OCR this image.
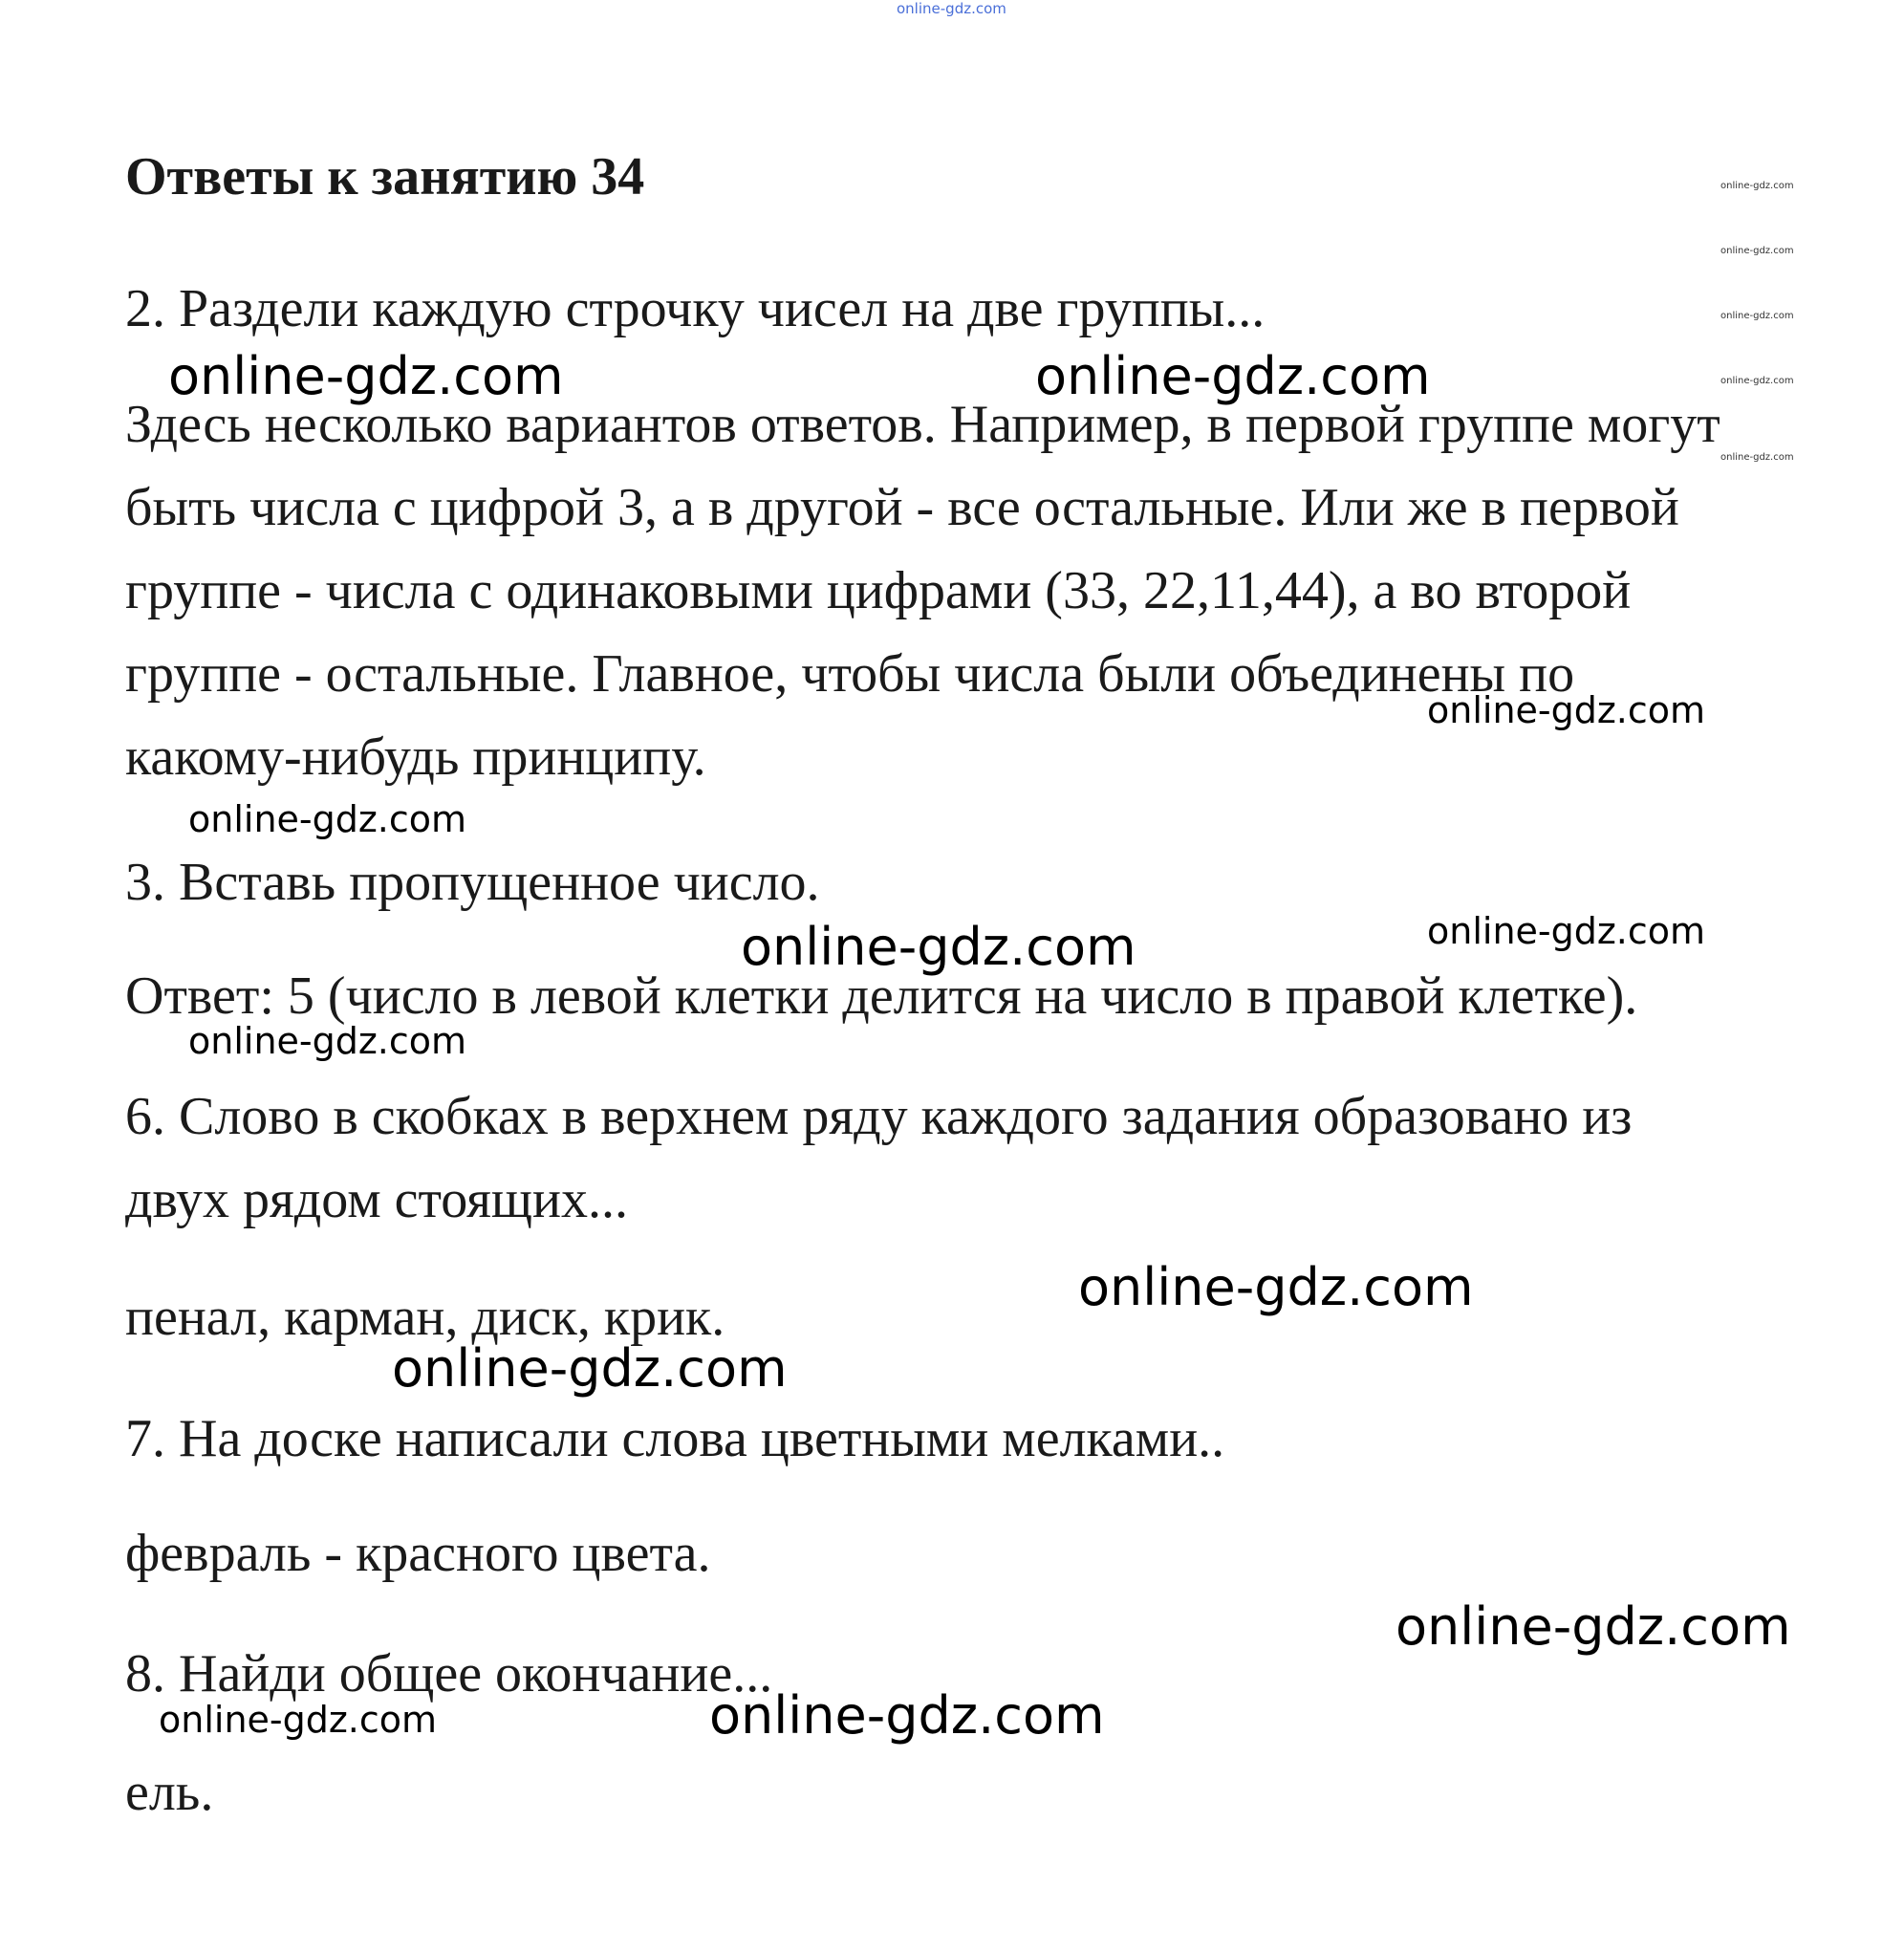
online-gdz.com
Ответы к занятию 34	online-gdz.com
online-gdz.com
online-gdz.com
online-gdz.com
online-gdz.com

2. Раздели каждую строчку чисел на две группы...

Здесь несколько вариантов ответов. Например, в первой группе могут

быть числа с цифрой 3, а в другой - все остальные. Или же в первой

группе - числа с одинаковыми цифрами (33, 22,11,44), а во второй

группе - остальные. Главное, чтобы числа были объединены по

какому-нибудь принципу.

3. Вставь пропущенное число.

Ответ: 5 (число в левой клетки делится на число в правой клетке).

6. Слово в скобках в верхнем ряду каждого задания образовано из

двух рядом стоящих...

пенал, карман, диск, крик.

7. На доске написали слова цветными мелками..

февраль - красного цвета.

8. Найди общее окончание...

ель.

online-gdz.com	online-gdz.com
online-gdz.com
online-gdz.com
online-gdz.com
online-gdz.com
online-gdz.com
online-gdz.com
online-gdz.com
online-gdz.com
online-gdz.com
online-gdz.com
